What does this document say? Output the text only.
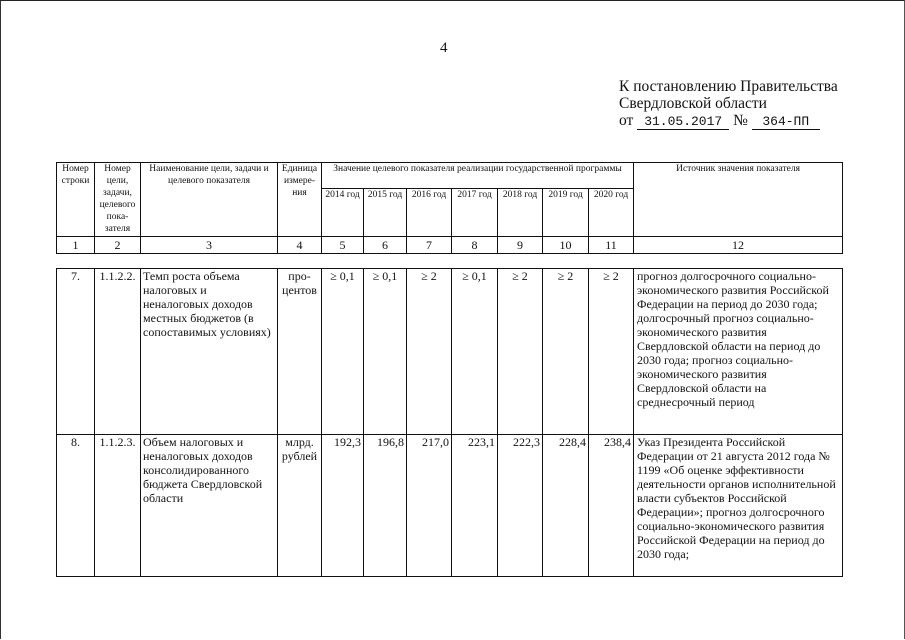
4
К постановлению Правительства
Свердловской области
от 31.05.2017 № 364-ПП
Номер строки	Номер цели, задачи, целевого пока-зателя	Наименование цели, задачи и целевого показателя	Единица измере-ния	Значение целевого показателя реализации государственной программы							Источник значения показателя
				2014 год	2015 год	2016 год	2017 год	2018 год	2019 год	2020 год	
1	2	3	4	5	6	7	8	9	10	11	12
7.	1.1.2.2.	Темп роста объема налоговых и неналоговых доходов местных бюджетов (в сопоставимых условиях)	про-центов	≥ 0,1	≥ 0,1	≥ 2	≥ 0,1	≥ 2	≥ 2	≥ 2	прогноз долгосрочного социально-экономического развития Российской Федерации на период до 2030 года; долгосрочный прогноз социально-экономического развития Свердловской области на период до 2030 года; прогноз социально-экономического развития Свердловской области на среднесрочный период
8.	1.1.2.3.	Объем налоговых и неналоговых доходов консолидированного бюджета Свердловской области	млрд. рублей	192,3	196,8	217,0	223,1	222,3	228,4	238,4	Указ Президента Российской Федерации от 21 августа 2012 года № 1199 «Об оценке эффективности деятельности органов исполнительной власти субъектов Российской Федерации»; прогноз долгосрочного социально-экономического развития Российской Федерации на период до 2030 года;
